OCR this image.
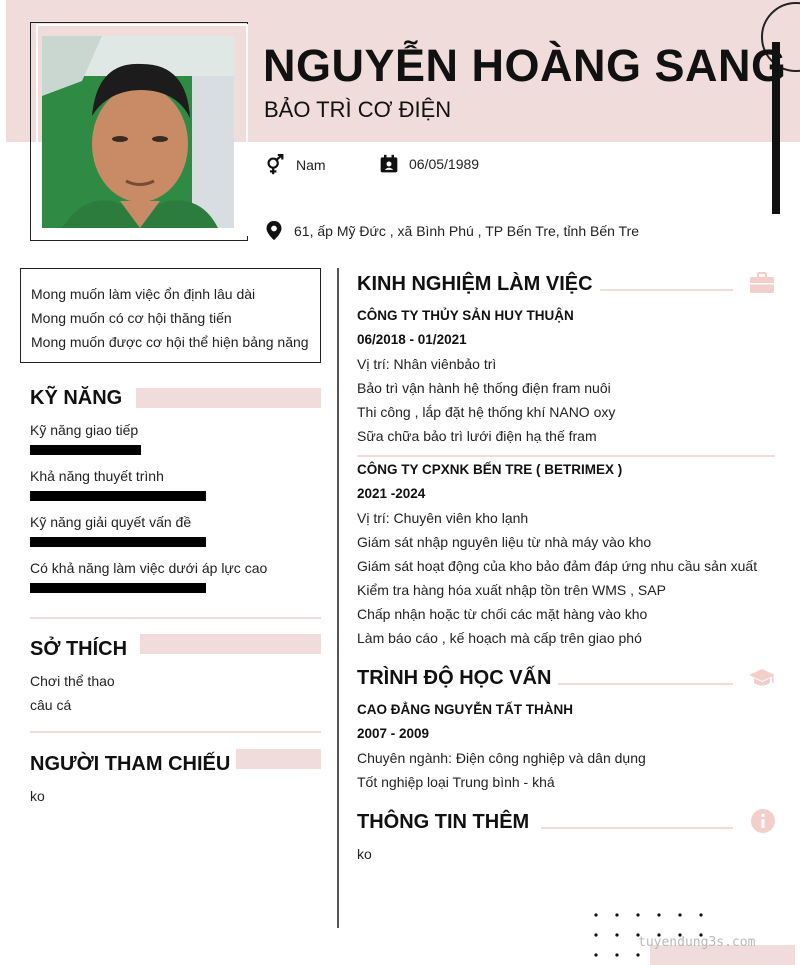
NGUYỄN HOÀNG SANG
BẢO TRÌ CƠ ĐIỆN
Nam	06/05/1989
61, ấp Mỹ Đức , xã Bình Phú , TP Bến Tre, tỉnh Bến Tre
Mong muốn làm việc ổn định lâu dài
Mong muốn có cơ hội thăng tiến
Mong muốn được cơ hội thể hiện bảng năng
KỸ NĂNG
Kỹ năng giao tiếp
Khả năng thuyết trình
Kỹ năng giải quyết vấn đề
Có khả năng làm việc dưới áp lực cao
SỞ THÍCH
Chơi thể thao
câu cá
NGƯỜI THAM CHIẾU
ko
KINH NGHIỆM LÀM VIỆC
CÔNG TY THỦY SẢN HUY THUẬN
06/2018 - 01/2021
Vị trí: Nhân viênbảo trì
Bảo trì vận hành hệ thống điện fram nuôi
Thi công , lắp đặt hệ thống khí NANO oxy
Sữa chữa bảo trì lưới điện hạ thế fram
CÔNG TY CPXNK BẾN TRE ( BETRIMEX )
2021 -2024
Vị trí: Chuyên viên kho lạnh
Giám sát nhập nguyên liệu từ nhà máy vào kho
Giám sát hoạt động của kho bảo đảm đáp ứng nhu cầu sản xuất
Kiểm tra hàng hóa xuất nhập tồn trên WMS , SAP
Chấp nhận hoặc từ chối các mặt hàng vào kho
Làm báo cáo , kế hoạch mà cấp trên giao phó
TRÌNH ĐỘ HỌC VẤN
CAO ĐẲNG NGUYỄN TẤT THÀNH
2007 - 2009
Chuyên ngành: Điện công nghiệp và dân dụng
Tốt nghiệp loại Trung bình - khá
THÔNG TIN THÊM
ko
tuyendung3s.com
